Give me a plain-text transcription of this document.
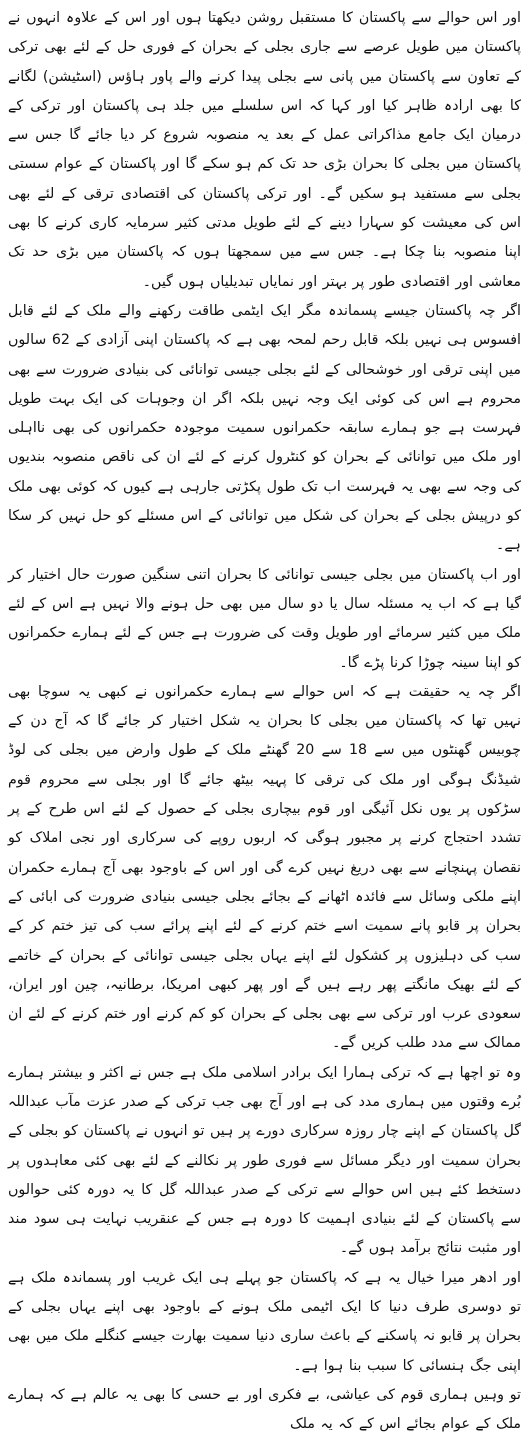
اور اس حوالے سے پاکستان کا مستقبل روشن دیکھتا ہوں اور اس کے علاوہ انہوں نے پاکستان میں طویل عرصے سے جاری بجلی کے بحران کے فوری حل کے لئے بھی ترکی کے تعاون سے پاکستان میں پانی سے بجلی پیدا کرنے والے پاور ہاؤس (اسٹیشن) لگانے کا بھی ارادہ ظاہر کیا اور کہا کہ اس سلسلے میں جلد ہی پاکستان اور ترکی کے درمیان ایک جامع مذاکراتی عمل کے بعد یہ منصوبہ شروع کر دیا جائے گا جس سے پاکستان میں بجلی کا بحران بڑی حد تک کم ہو سکے گا اور پاکستان کے عوام سستی بجلی سے مستفید ہو سکیں گے۔ اور ترکی پاکستان کی اقتصادی ترقی کے لئے بھی اس کی معیشت کو سہارا دینے کے لئے طویل مدتی کثیر سرمایہ کاری کرنے کا بھی اپنا منصوبہ بنا چکا ہے۔ جس سے میں سمجھتا ہوں کہ پاکستان میں بڑی حد تک معاشی اور اقتصادی طور پر بہتر اور نمایاں تبدیلیاں ہوں گیں۔

اگر چہ پاکستان جیسے پسماندہ مگر ایک ایٹمی طاقت رکھنے والے ملک کے لئے قابل افسوس ہی نہیں بلکہ قابل رحم لمحہ بھی ہے کہ پاکستان اپنی آزادی کے 62 سالوں میں اپنی ترقی اور خوشحالی کے لئے بجلی جیسی توانائی کی بنیادی ضرورت سے بھی محروم ہے اس کی کوئی ایک وجہ نہیں بلکہ اگر ان وجوہات کی ایک بہت طویل فہرست ہے جو ہمارے سابقہ حکمرانوں سمیت موجودہ حکمرانوں کی بھی نااہلی اور ملک میں توانائی کے بحران کو کنٹرول کرنے کے لئے ان کی ناقص منصوبہ بندیوں کی وجہ سے بھی یہ فہرست اب تک طول پکڑتی جارہی ہے کیوں کہ کوئی بھی ملک کو درپیش بجلی کے بحران کی شکل میں توانائی کے اس مسئلے کو حل نہیں کر سکا ہے۔

اور اب پاکستان میں بجلی جیسی توانائی کا بحران اتنی سنگین صورت حال اختیار کر گیا ہے کہ اب یہ مسئلہ سال یا دو سال میں بھی حل ہونے والا نہیں ہے اس کے لئے ملک میں کثیر سرمائے اور طویل وقت کی ضرورت ہے جس کے لئے ہمارے حکمرانوں کو اپنا سینہ چوڑا کرنا پڑے گا۔

اگر چہ یہ حقیقت ہے کہ اس حوالے سے ہمارے حکمرانوں نے کبھی یہ سوچا بھی نہیں تھا کہ پاکستان میں بجلی کا بحران یہ شکل اختیار کر جائے گا کہ آج دن کے چوبیس گھنٹوں میں سے 18 سے 20 گھنٹے ملک کے طول وارض میں بجلی کی لوڈ شیڈنگ ہوگی اور ملک کی ترقی کا پہیہ بیٹھ جائے گا اور بجلی سے محروم قوم سڑکوں پر یوں نکل آئیگی اور قوم بیچاری بجلی کے حصول کے لئے اس طرح کے پر تشدد احتجاج کرنے پر مجبور ہوگی کہ اربوں روپے کی سرکاری اور نجی املاک کو نقصان پہنچانے سے بھی دریغ نہیں کرے گی اور اس کے باوجود بھی آج ہمارے حکمران اپنے ملکی وسائل سے فائدہ اٹھانے کے بجائے بجلی جیسی بنیادی ضرورت کی ابائی کے بحران پر قابو پانے سمیت اسے ختم کرنے کے لئے اپنے پرائے سب کی تیز ختم کر کے سب کی دہلیزوں پر کشکول لئے اپنے یہاں بجلی جیسی توانائی کے بحران کے خاتمے کے لئے بھیک مانگتے پھر رہے ہیں گے اور پھر کبھی امریکا، برطانیہ، چین اور ایران، سعودی عرب اور ترکی سے بھی بجلی کے بحران کو کم کرنے اور ختم کرنے کے لئے ان ممالک سے مدد طلب کریں گے۔

وہ تو اچھا ہے کہ ترکی ہمارا ایک برادر اسلامی ملک ہے جس نے اکثر و بیشتر ہمارے بُرے وقتوں میں ہماری مدد کی ہے اور آج بھی جب ترکی کے صدر عزت مآب عبداللہ گل پاکستان کے اپنے چار روزہ سرکاری دورے پر ہیں تو انہوں نے پاکستان کو بجلی کے بحران سمیت اور دیگر مسائل سے فوری طور پر نکالنے کے لئے بھی کئی معاہدوں پر دستخط کئے ہیں اس حوالے سے ترکی کے صدر عبداللہ گل کا یہ دورہ کئی حوالوں سے پاکستان کے لئے بنیادی اہمیت کا دورہ ہے جس کے عنقریب نہایت ہی سود مند اور مثبت نتائج برآمد ہوں گے۔

اور ادھر میرا خیال یہ ہے کہ پاکستان جو پہلے ہی ایک غریب اور پسماندہ ملک ہے تو دوسری طرف دنیا کا ایک اٹیمی ملک ہونے کے باوجود بھی اپنے یہاں بجلی کے بحران پر قابو نہ پاسکنے کے باعث ساری دنیا سمیت بھارت جیسے کنگلے ملک میں بھی اپنی جگ ہنسائی کا سبب بنا ہوا ہے۔

تو وہیں ہماری قوم کی عیاشی، بے فکری اور بے حسی کا بھی یہ عالم ہے کہ ہمارے ملک کے عوام بجائے اس کے کہ یہ ملک
